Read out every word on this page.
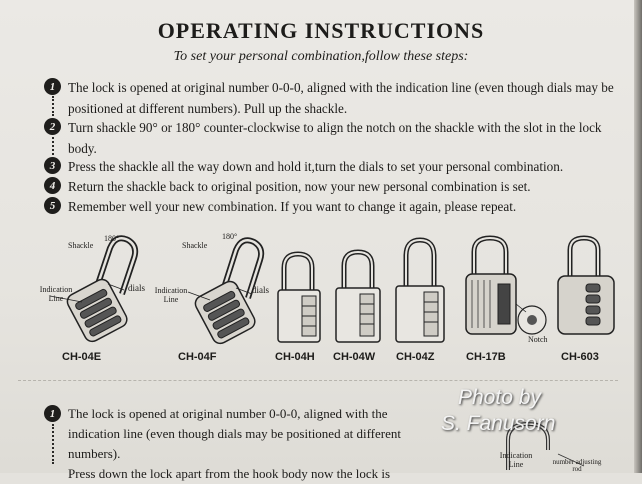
OPERATING INSTRUCTIONS
To set your personal combination,follow these steps:
1 The lock is opened at original number 0-0-0, aligned with the indication line (even though dials may be positioned at different numbers). Pull up the shackle.
2 Turn shackle 90° or 180° counter-clockwise to align the notch on the shackle with the slot in the lock body.
3 Press the shackle all the way down and hold it,turn the dials to set your personal combination.
4 Return the shackle back to original position, now your new personal combination is set.
5 Remember well your new combination. If you want to change it again, please repeat.
Shackle
180°
Indication Line
dials
Shackle
180°
Indication Line
dials
Notch
CH-04E	CH-04F	CH-04H CH-04W CH-04Z	CH-17B	CH-603
1 The lock is opened at original number 0-0-0, aligned with the
indication line (even though dials may be positioned at different
numbers).
Press down the lock apart from the hook body now the lock is
Indication Line	number adjusting rod
Photo by
S. Fanusorn
